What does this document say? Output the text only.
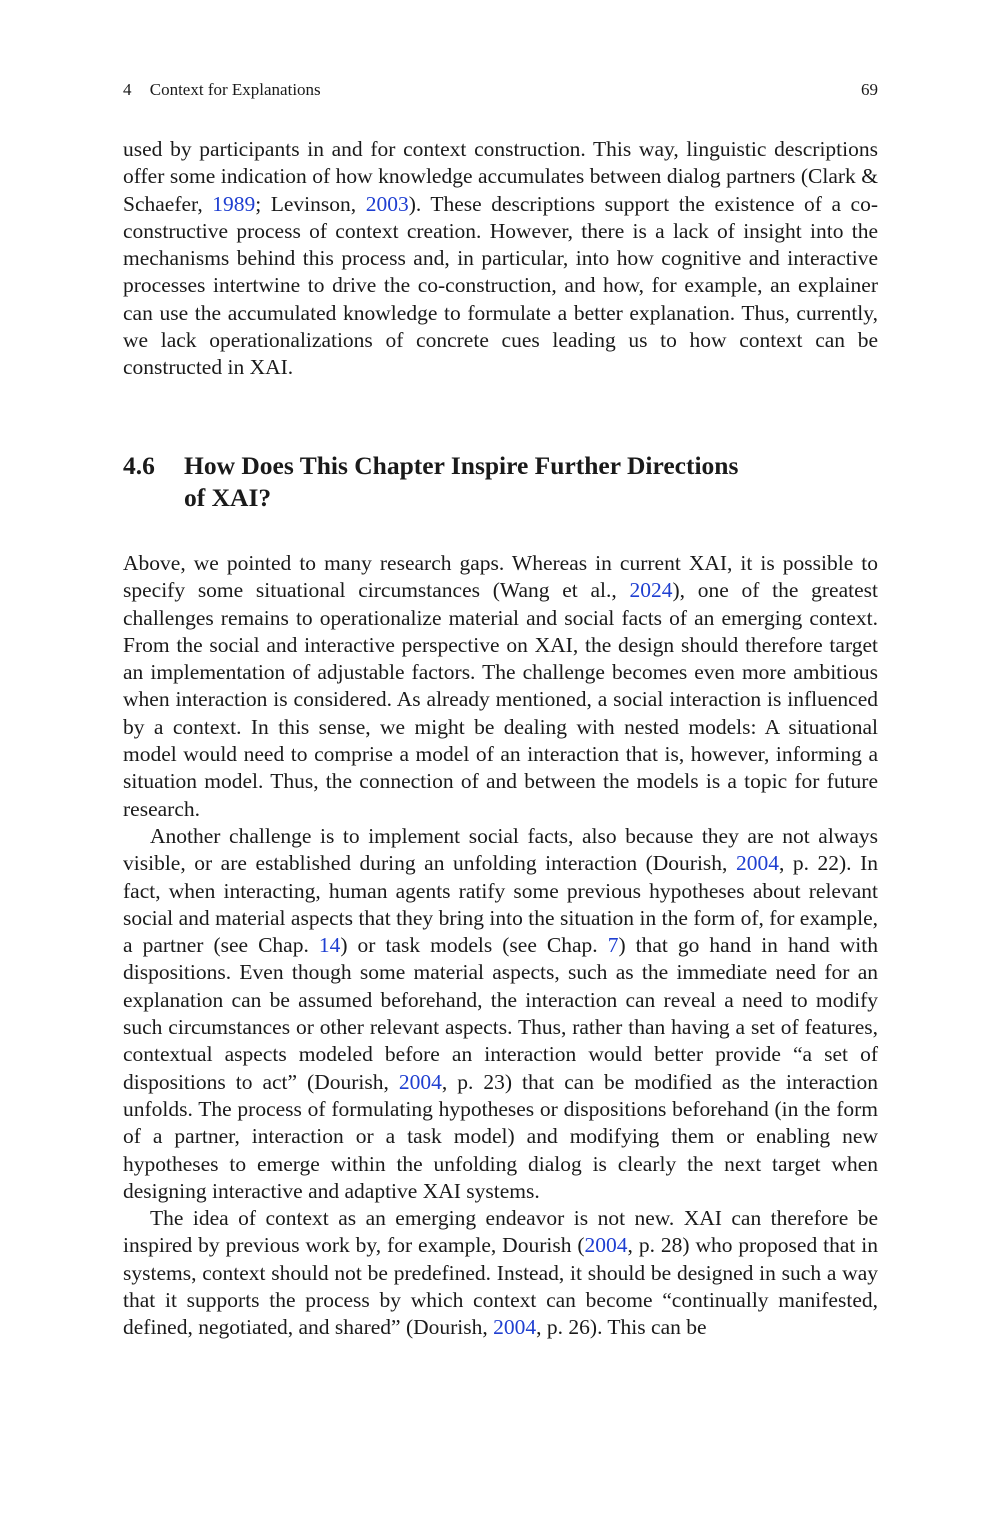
4 Context for Explanations	69

used by participants in and for context construction. This way, linguistic descriptions offer some indication of how knowledge accumulates between dialog partners (Clark & Schaefer, 1989; Levinson, 2003). These descriptions support the existence of a co-constructive process of context creation. However, there is a lack of insight into the mechanisms behind this process and, in particular, into how cognitive and interactive processes intertwine to drive the co-construction, and how, for example, an explainer can use the accumulated knowledge to formulate a better explanation. Thus, currently, we lack operationalizations of concrete cues leading us to how context can be constructed in XAI.

4.6	How Does This Chapter Inspire Further Directions
of XAI?

Above, we pointed to many research gaps. Whereas in current XAI, it is possible to specify some situational circumstances (Wang et al., 2024), one of the greatest challenges remains to operationalize material and social facts of an emerging context. From the social and interactive perspective on XAI, the design should therefore target an implementation of adjustable factors. The challenge becomes even more ambitious when interaction is considered. As already mentioned, a social interaction is influenced by a context. In this sense, we might be dealing with nested models: A situational model would need to comprise a model of an interaction that is, however, informing a situation model. Thus, the connection of and between the models is a topic for future research.

Another challenge is to implement social facts, also because they are not always visible, or are established during an unfolding interaction (Dourish, 2004, p. 22). In fact, when interacting, human agents ratify some previous hypotheses about relevant social and material aspects that they bring into the situation in the form of, for example, a partner (see Chap. 14) or task models (see Chap. 7) that go hand in hand with dispositions. Even though some material aspects, such as the immediate need for an explanation can be assumed beforehand, the interaction can reveal a need to modify such circumstances or other relevant aspects. Thus, rather than having a set of features, contextual aspects modeled before an interaction would better provide “a set of dispositions to act” (Dourish, 2004, p. 23) that can be modified as the interaction unfolds. The process of formulating hypotheses or dispositions beforehand (in the form of a partner, interaction or a task model) and modifying them or enabling new hypotheses to emerge within the unfolding dialog is clearly the next target when designing interactive and adaptive XAI systems.

The idea of context as an emerging endeavor is not new. XAI can therefore be inspired by previous work by, for example, Dourish (2004, p. 28) who proposed that in systems, context should not be predefined. Instead, it should be designed in such a way that it supports the process by which context can become “continually manifested, defined, negotiated, and shared” (Dourish, 2004, p. 26). This can be
